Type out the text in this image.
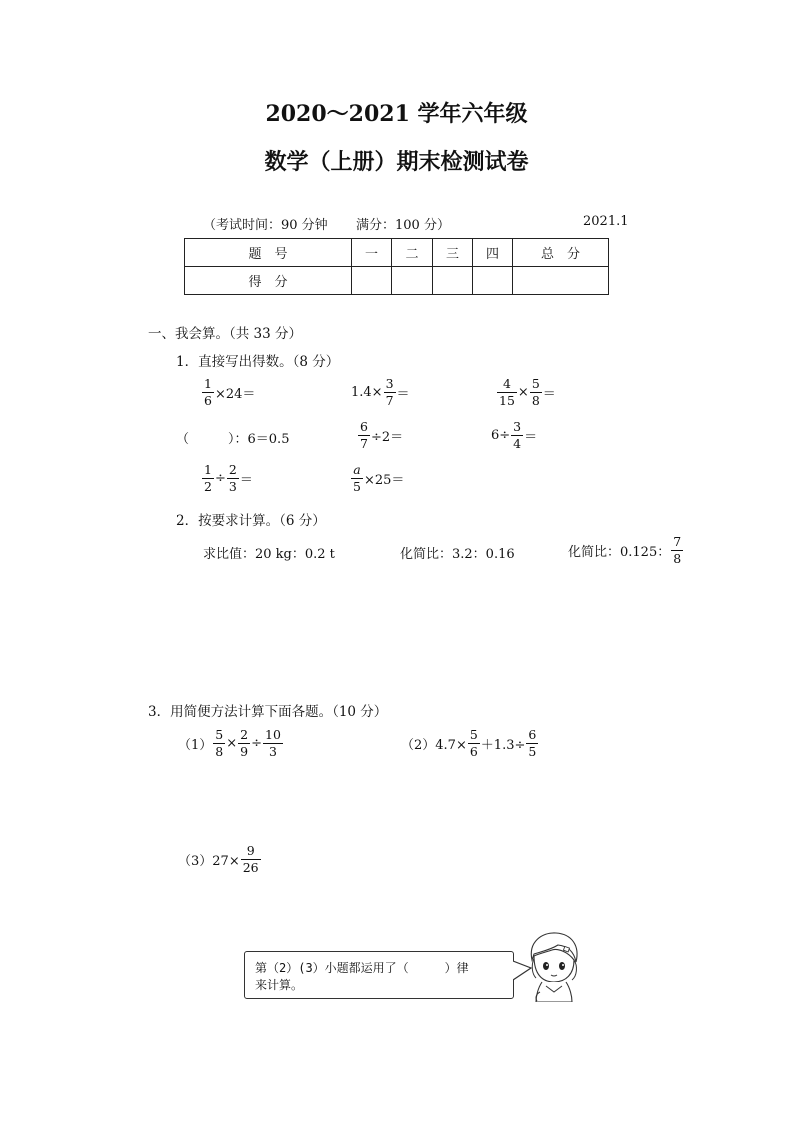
2020～2021 学年六年级
数学（上册）期末检测试卷
（考试时间：90 分钟 满分：100 分）	2021.1
题　号	一	二	三	四	总　分
得　分					
一、我会算。（共 33 分）
1．直接写出得数。（8 分）
$\frac{1}{6} \times 24=$	$1.4\times \frac{3}{7}$ ＝	$\frac{4}{15} \times \frac{5}{8}$ ＝
（　　　）：6＝0.5	$\frac{6}{7} \div 2=$	$6\div \frac{3}{4}$ ＝
$\frac{1}{2} \div \frac{2}{3}$ ＝	$\frac{a}{5} \times 25=$
2．按要求计算。（6 分）
求比值：20 kg：0.2 t	化简比：3.2：0.16	化简比：0.125： $\frac{7}{8}$
3．用简便方法计算下面各题。（10 分）
$(1) \frac{5}{8} \times \frac{2}{9} \div \frac{10}{3}$	$(2)4.7\times \frac{5}{6} +1.3\div \frac{6}{5}$
$(3)27\times \frac{9}{26}$
第（2）(3）小题都运用了（　　　）律
来计算。
